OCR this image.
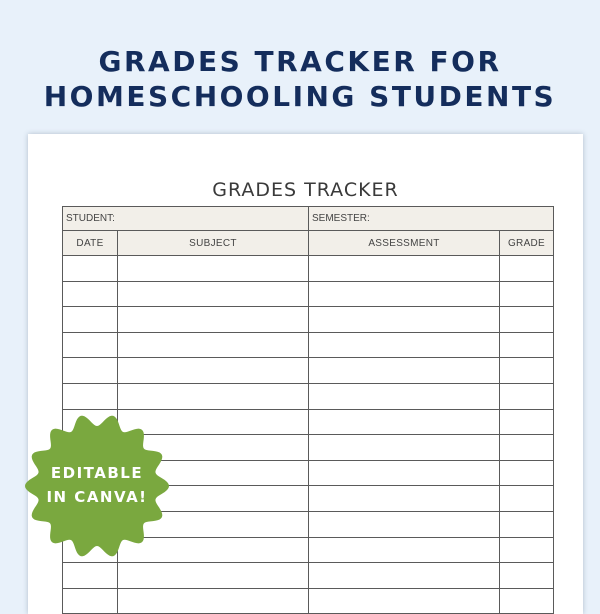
GRADES TRACKER FOR
HOMESCHOOLING STUDENTS
GRADES TRACKER
STUDENT:		SEMESTER:	
DATE	SUBJECT	ASSESSMENT	GRADE

EDITABLE
IN CANVA!
